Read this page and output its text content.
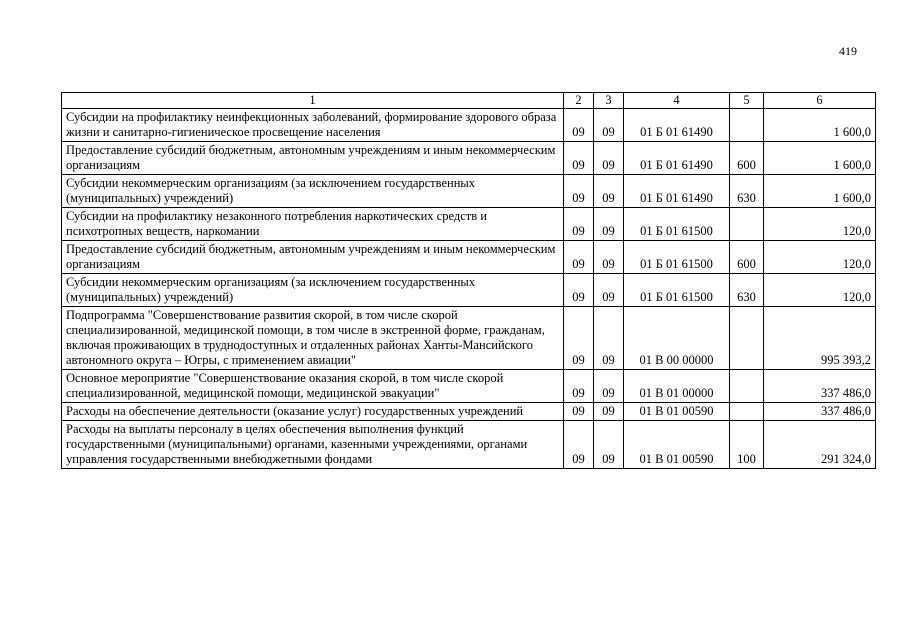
419
1	2	3	4	5	6
Субсидии на профилактику неинфекционных заболеваний, формирование здорового образа жизни и санитарно-гигиеническое просвещение населения	09	09	01 Б 01 61490		1 600,0
Предоставление субсидий бюджетным, автономным учреждениям и иным некоммерческим организациям	09	09	01 Б 01 61490	600	1 600,0
Субсидии некоммерческим организациям (за исключением государственных (муниципальных) учреждений)	09	09	01 Б 01 61490	630	1 600,0
Субсидии на профилактику незаконного потребления наркотических средств и психотропных веществ, наркомании	09	09	01 Б 01 61500		120,0
Предоставление субсидий бюджетным, автономным учреждениям и иным некоммерческим организациям	09	09	01 Б 01 61500	600	120,0
Субсидии некоммерческим организациям (за исключением государственных (муниципальных) учреждений)	09	09	01 Б 01 61500	630	120,0
Подпрограмма "Совершенствование развития скорой, в том числе скорой специализированной, медицинской помощи, в том числе в экстренной форме, гражданам, включая проживающих в труднодоступных и отдаленных районах Ханты-Мансийского автономного округа – Югры, с применением авиации"	09	09	01 В 00 00000		995 393,2
Основное мероприятие "Совершенствование оказания скорой, в том числе скорой специализированной, медицинской помощи, медицинской эвакуации"	09	09	01 В 01 00000		337 486,0
Расходы на обеспечение деятельности (оказание услуг) государственных учреждений	09	09	01 В 01 00590		337 486,0
Расходы на выплаты персоналу в целях обеспечения выполнения функций государственными (муниципальными) органами, казенными учреждениями, органами управления государственными внебюджетными фондами	09	09	01 В 01 00590	100	291 324,0
